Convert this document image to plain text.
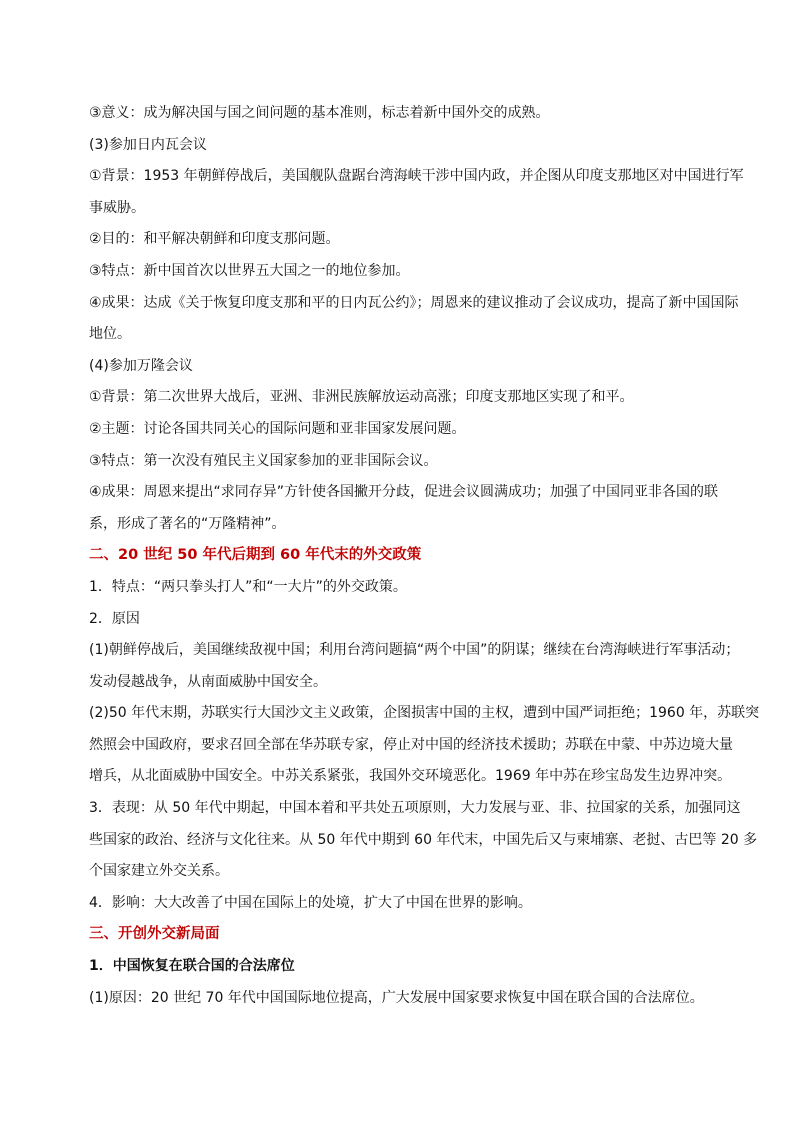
③意义：成为解决国与国之间问题的基本准则，标志着新中国外交的成熟。
(3)参加日内瓦会议
①背景：1953 年朝鲜停战后，美国舰队盘踞台湾海峡干涉中国内政，并企图从印度支那地区对中国进行军
事威胁。
②目的：和平解决朝鲜和印度支那问题。
③特点：新中国首次以世界五大国之一的地位参加。
④成果：达成《关于恢复印度支那和平的日内瓦公约》；周恩来的建议推动了会议成功，提高了新中国国际
地位。
(4)参加万隆会议
①背景：第二次世界大战后，亚洲、非洲民族解放运动高涨；印度支那地区实现了和平。
②主题：讨论各国共同关心的国际问题和亚非国家发展问题。
③特点：第一次没有殖民主义国家参加的亚非国际会议。
④成果：周恩来提出“求同存异”方针使各国撇开分歧，促进会议圆满成功；加强了中国同亚非各国的联
系，形成了著名的“万隆精神”。
二、20 世纪 50 年代后期到 60 年代末的外交政策
1．特点：“两只拳头打人”和“一大片”的外交政策。
2．原因
(1)朝鲜停战后，美国继续敌视中国；利用台湾问题搞“两个中国”的阴谋；继续在台湾海峡进行军事活动；
发动侵越战争，从南面威胁中国安全。
(2)50 年代末期，苏联实行大国沙文主义政策，企图损害中国的主权，遭到中国严词拒绝；1960 年，苏联突
然照会中国政府，要求召回全部在华苏联专家，停止对中国的经济技术援助；苏联在中蒙、中苏边境大量
增兵，从北面威胁中国安全。中苏关系紧张，我国外交环境恶化。1969 年中苏在珍宝岛发生边界冲突。
3．表现：从 50 年代中期起，中国本着和平共处五项原则，大力发展与亚、非、拉国家的关系，加强同这
些国家的政治、经济与文化往来。从 50 年代中期到 60 年代末，中国先后又与柬埔寨、老挝、古巴等 20 多
个国家建立外交关系。
4．影响：大大改善了中国在国际上的处境，扩大了中国在世界的影响。
三、开创外交新局面
1．中国恢复在联合国的合法席位
(1)原因：20 世纪 70 年代中国国际地位提高，广大发展中国家要求恢复中国在联合国的合法席位。
